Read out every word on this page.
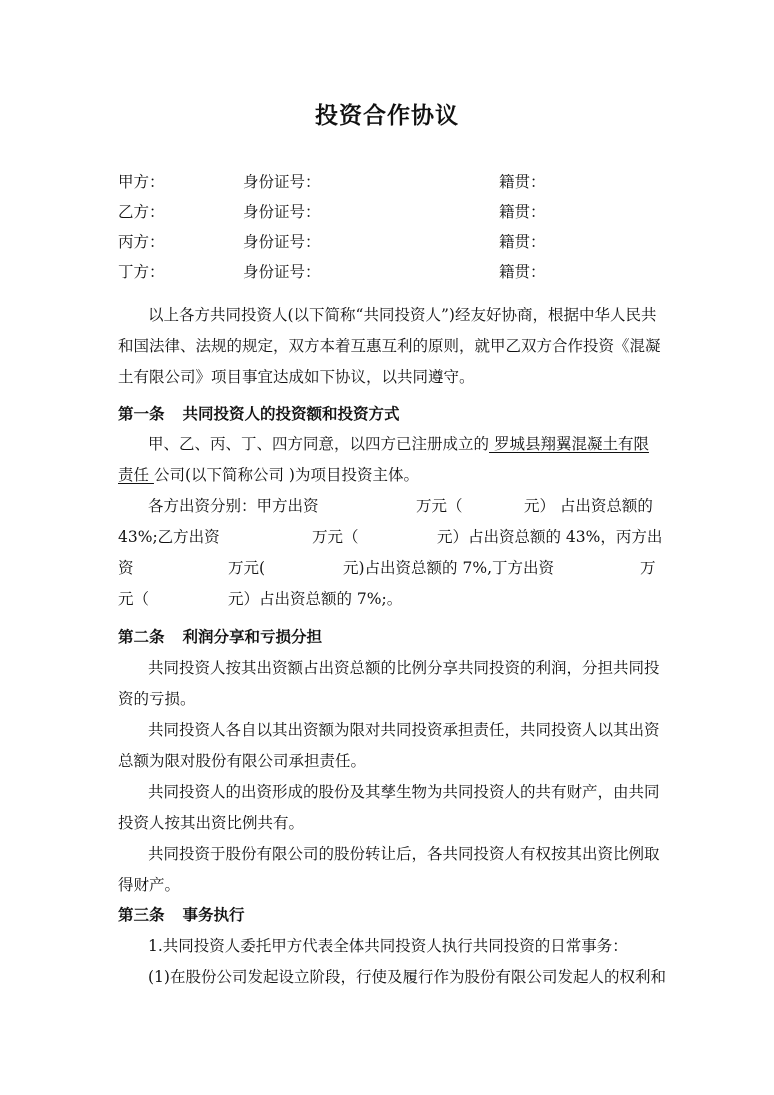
投资合作协议
甲方：	身份证号：	籍贯：
乙方：	身份证号：	籍贯：
丙方：	身份证号：	籍贯：
丁方：	身份证号：	籍贯：
以上各方共同投资人(以下简称“共同投资人”)经友好协商，根据中华人民共
和国法律、法规的规定，双方本着互惠互利的原则，就甲乙双方合作投资《混凝
土有限公司》项目事宜达成如下协议，以共同遵守。
第一条 共同投资人的投资额和投资方式
甲、乙、丙、丁、四方同意，以四方已注册成立的 罗城县翔翼混凝土有限
责任 公司(以下简称公司 )为项目投资主体。
各方出资分别：甲方出资	万元（	元） 占出资总额的
43%;乙方出资	万元（	元）占出资总额的 43%，丙方出
资	万元(	元)占出资总额的 7%,丁方出资	万
元（	元）占出资总额的 7%;。
第二条 利润分享和亏损分担
共同投资人按其出资额占出资总额的比例分享共同投资的利润，分担共同投
资的亏损。
共同投资人各自以其出资额为限对共同投资承担责任，共同投资人以其出资
总额为限对股份有限公司承担责任。
共同投资人的出资形成的股份及其孳生物为共同投资人的共有财产，由共同
投资人按其出资比例共有。
共同投资于股份有限公司的股份转让后，各共同投资人有权按其出资比例取
得财产。
第三条 事务执行
1.共同投资人委托甲方代表全体共同投资人执行共同投资的日常事务：
(1)在股份公司发起设立阶段，行使及履行作为股份有限公司发起人的权利和
